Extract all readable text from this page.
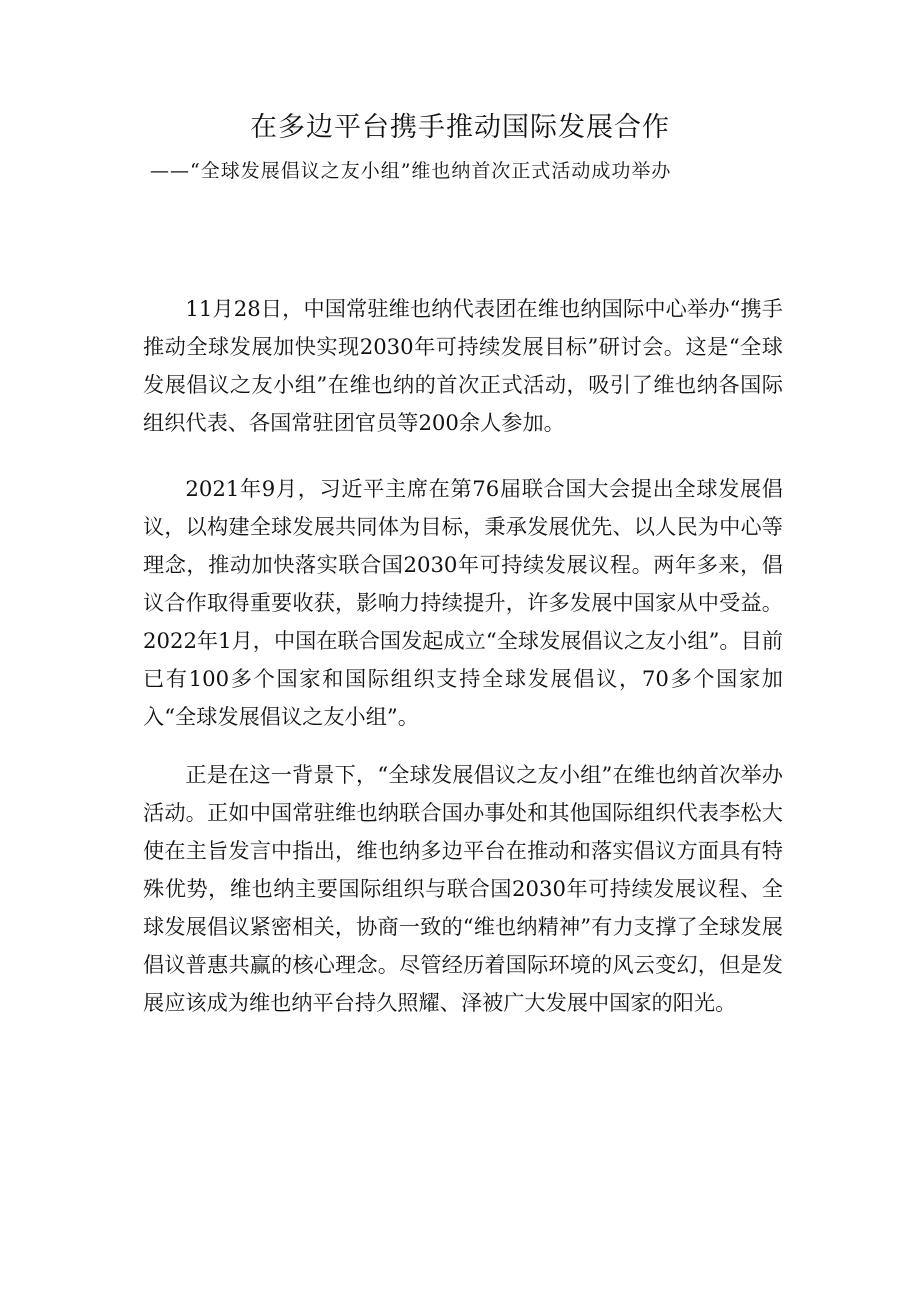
在多边平台携手推动国际发展合作
——“全球发展倡议之友小组”维也纳首次正式活动成功举办

11月28日，中国常驻维也纳代表团在维也纳国际中心举办“携手推动全球发展加快实现2030年可持续发展目标”研讨会。这是“全球发展倡议之友小组”在维也纳的首次正式活动，吸引了维也纳各国际组织代表、各国常驻团官员等200余人参加。

2021年9月，习近平主席在第76届联合国大会提出全球发展倡议，以构建全球发展共同体为目标，秉承发展优先、以人民为中心等理念，推动加快落实联合国2030年可持续发展议程。两年多来，倡议合作取得重要收获，影响力持续提升，许多发展中国家从中受益。2022年1月，中国在联合国发起成立“全球发展倡议之友小组”。目前已有100多个国家和国际组织支持全球发展倡议，70多个国家加入“全球发展倡议之友小组”。

正是在这一背景下，“全球发展倡议之友小组”在维也纳首次举办活动。正如中国常驻维也纳联合国办事处和其他国际组织代表李松大使在主旨发言中指出，维也纳多边平台在推动和落实倡议方面具有特殊优势，维也纳主要国际组织与联合国2030年可持续发展议程、全球发展倡议紧密相关，协商一致的“维也纳精神”有力支撑了全球发展倡议普惠共赢的核心理念。尽管经历着国际环境的风云变幻，但是发展应该成为维也纳平台持久照耀、泽被广大发展中国家的阳光。
